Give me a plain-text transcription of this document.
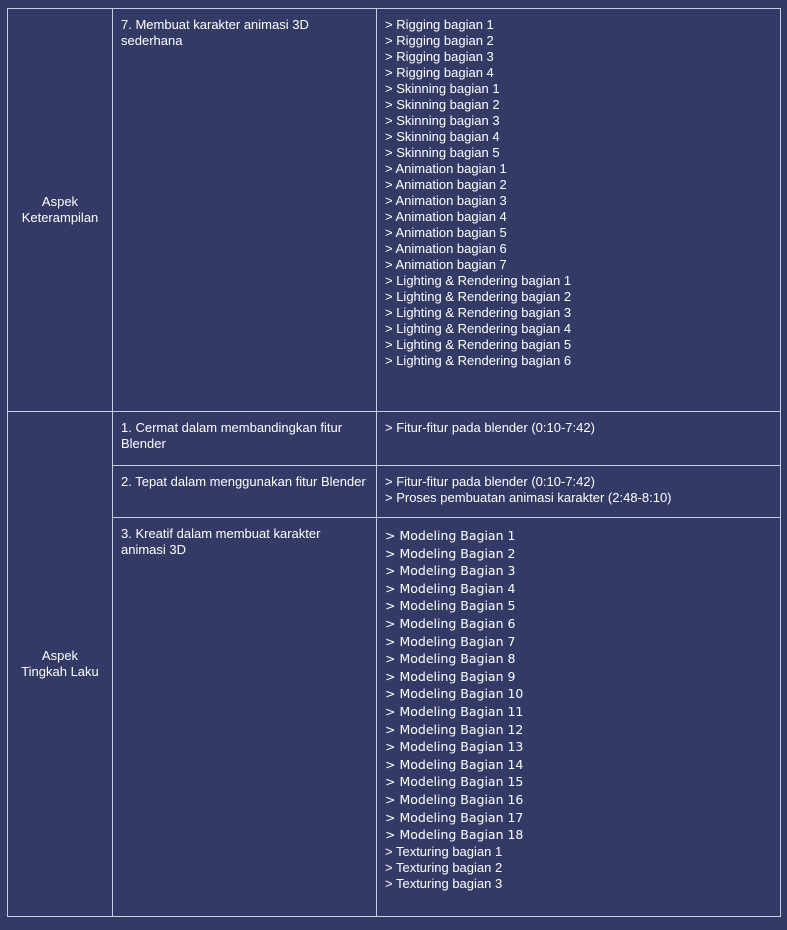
Aspek
Keterampilan
7. Membuat karakter animasi 3D sederhana
> Rigging bagian 1
> Rigging bagian 2
> Rigging bagian 3
> Rigging bagian 4
> Skinning bagian 1
> Skinning bagian 2
> Skinning bagian 3
> Skinning bagian 4
> Skinning bagian 5
> Animation bagian 1
> Animation bagian 2
> Animation bagian 3
> Animation bagian 4
> Animation bagian 5
> Animation bagian 6
> Animation bagian 7
> Lighting & Rendering bagian 1
> Lighting & Rendering bagian 2
> Lighting & Rendering bagian 3
> Lighting & Rendering bagian 4
> Lighting & Rendering bagian 5
> Lighting & Rendering bagian 6
Aspek
Tingkah Laku
1. Cermat dalam membandingkan fitur Blender
> Fitur-fitur pada blender (0:10-7:42)
2. Tepat dalam menggunakan fitur Blender	> Fitur-fitur pada blender (0:10-7:42)
> Proses pembuatan animasi karakter (2:48-8:10)
3. Kreatif dalam membuat karakter animasi 3D
> Modeling Bagian 1
> Modeling Bagian 2
> Modeling Bagian 3
> Modeling Bagian 4
> Modeling Bagian 5
> Modeling Bagian 6
> Modeling Bagian 7
> Modeling Bagian 8
> Modeling Bagian 9
> Modeling Bagian 10
> Modeling Bagian 11
> Modeling Bagian 12
> Modeling Bagian 13
> Modeling Bagian 14
> Modeling Bagian 15
> Modeling Bagian 16
> Modeling Bagian 17
> Modeling Bagian 18
> Texturing bagian 1
> Texturing bagian 2
> Texturing bagian 3
